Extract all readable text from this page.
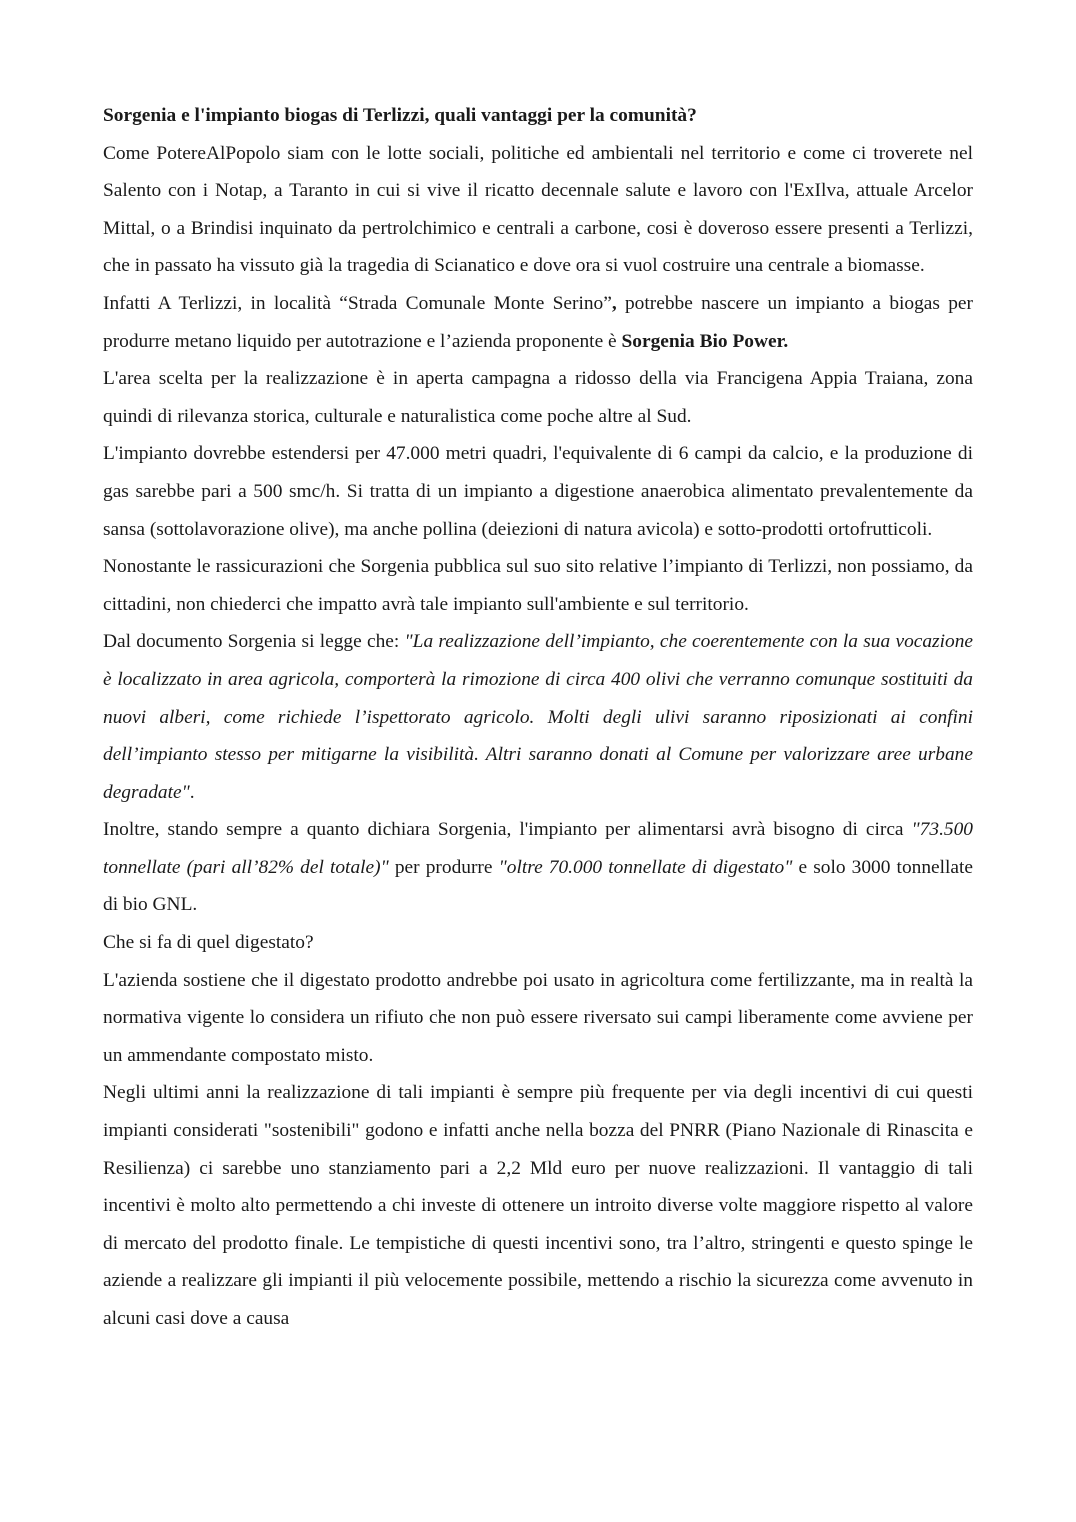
Sorgenia e l'impianto biogas di Terlizzi, quali vantaggi per la comunità?

Come PotereAlPopolo siam con le lotte sociali, politiche ed ambientali nel territorio e come ci troverete nel Salento con i Notap, a Taranto in cui si vive il ricatto decennale salute e lavoro con l'ExIlva, attuale Arcelor Mittal, o a Brindisi inquinato da pertrolchimico e centrali a carbone, cosi è doveroso essere presenti a Terlizzi, che in passato ha vissuto già la tragedia di Scianatico e dove ora si vuol costruire una centrale a biomasse.

Infatti A Terlizzi, in località “Strada Comunale Monte Serino”, potrebbe nascere un impianto a biogas per produrre metano liquido per autotrazione e l’azienda proponente è Sorgenia Bio Power.

L'area scelta per la realizzazione è in aperta campagna a ridosso della via Francigena Appia Traiana, zona quindi di rilevanza storica, culturale e naturalistica come poche altre al Sud.

L'impianto dovrebbe estendersi per 47.000 metri quadri, l'equivalente di 6 campi da calcio, e la produzione di gas sarebbe pari a 500 smc/h. Si tratta di un impianto a digestione anaerobica alimentato prevalentemente da sansa (sottolavorazione olive), ma anche pollina (deiezioni di natura avicola) e sotto-prodotti ortofrutticoli.

Nonostante le rassicurazioni che Sorgenia pubblica sul suo sito relative l’impianto di Terlizzi, non possiamo, da cittadini, non chiederci che impatto avrà tale impianto sull'ambiente e sul territorio.

Dal documento Sorgenia si legge che: "La realizzazione dell’impianto, che coerentemente con la sua vocazione è localizzato in area agricola, comporterà la rimozione di circa 400 olivi che verranno comunque sostituiti da nuovi alberi, come richiede l’ispettorato agricolo. Molti degli ulivi saranno riposizionati ai confini dell’impianto stesso per mitigarne la visibilità. Altri saranno donati al Comune per valorizzare aree urbane degradate".

Inoltre, stando sempre a quanto dichiara Sorgenia, l'impianto per alimentarsi avrà bisogno di circa "73.500 tonnellate (pari all’82% del totale)" per produrre "oltre 70.000 tonnellate di digestato" e solo 3000 tonnellate di bio GNL.

Che si fa di quel digestato?

L'azienda sostiene che il digestato prodotto andrebbe poi usato in agricoltura come fertilizzante, ma in realtà la normativa vigente lo considera un rifiuto che non può essere riversato sui campi liberamente come avviene per un ammendante compostato misto.

Negli ultimi anni la realizzazione di tali impianti è sempre più frequente per via degli incentivi di cui questi impianti considerati "sostenibili" godono e infatti anche nella bozza del PNRR (Piano Nazionale di Rinascita e Resilienza) ci sarebbe uno stanziamento pari a 2,2 Mld euro per nuove realizzazioni. Il vantaggio di tali incentivi è molto alto permettendo a chi investe di ottenere un introito diverse volte maggiore rispetto al valore di mercato del prodotto finale. Le tempistiche di questi incentivi sono, tra l’altro, stringenti e questo spinge le aziende a realizzare gli impianti il più velocemente possibile, mettendo a rischio la sicurezza come avvenuto in alcuni casi dove a causa
